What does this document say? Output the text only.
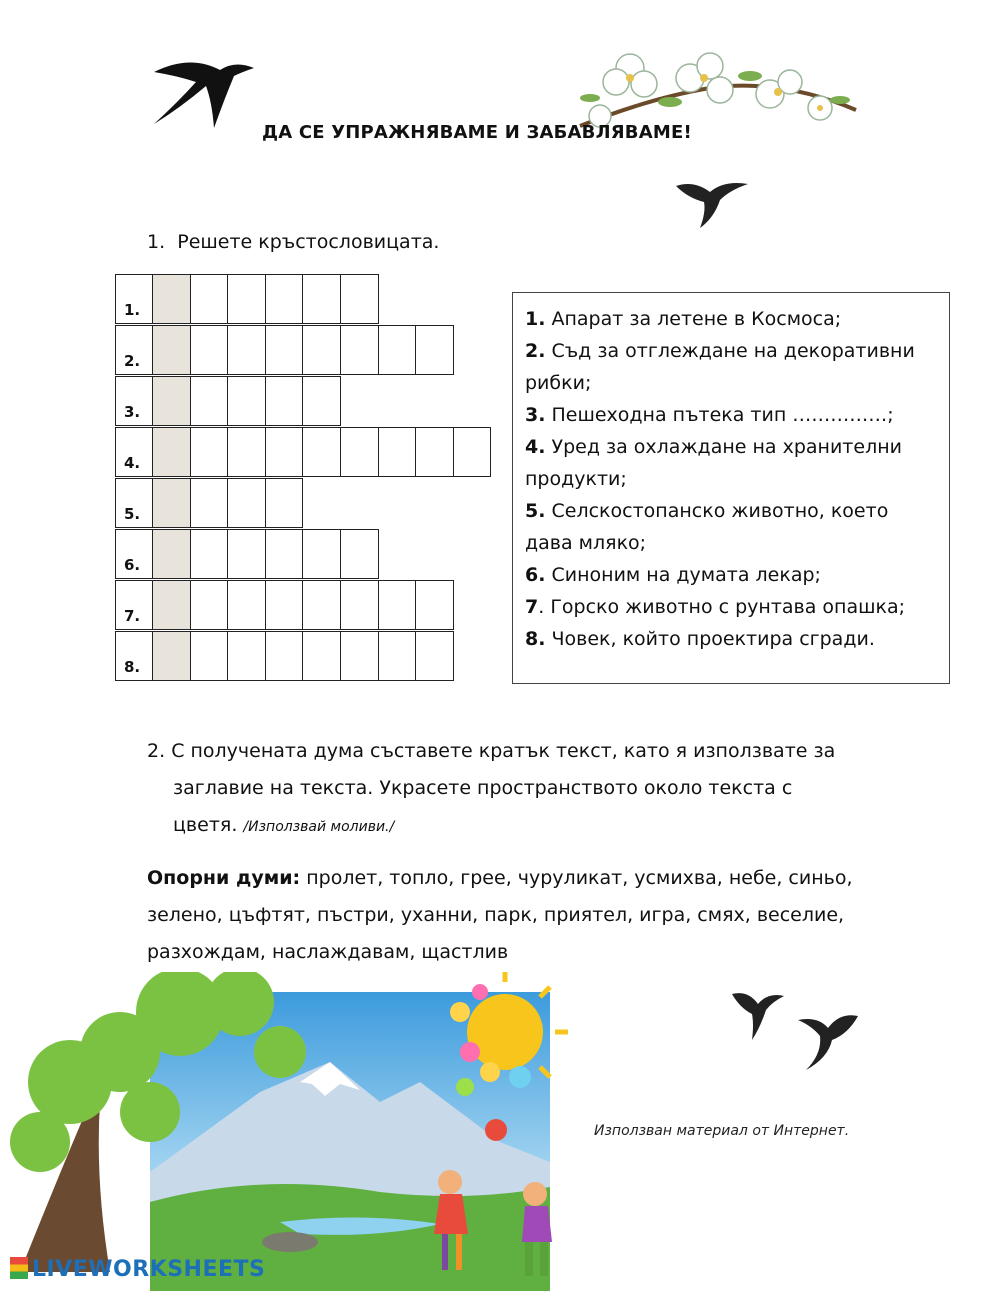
ДА СЕ УПРАЖНЯВАМЕ И ЗАБАВЛЯВАМЕ!
1. Решете кръстословицата.
1.
2.
3.
4.
5.
6.
7.
8.
1. Апарат за летене в Космоса;
2. Съд за отглеждане на декоративни рибки;
3. Пешеходна пътека тип ……………;
4. Уред за охлаждане на хранителни продукти;
5. Селскостопанско животно, което дава мляко;
6. Синоним на думата лекар;
7. Горско животно с рунтава опашка;
8. Човек, който проектира сгради.
2. С получената дума съставете кратък текст, като я използвате за
заглавие на текста. Украсете пространството около текста с
цветя. /Използвай моливи./
Опорни думи: пролет, топло, грее, чуруликат, усмихва, небе, синьо, зелено, цъфтят, пъстри, уханни, парк, приятел, игра, смях, веселие, разхождам, наслаждавам, щастлив
Използван материал от Интернет.
LIVEWORKSHEETS
